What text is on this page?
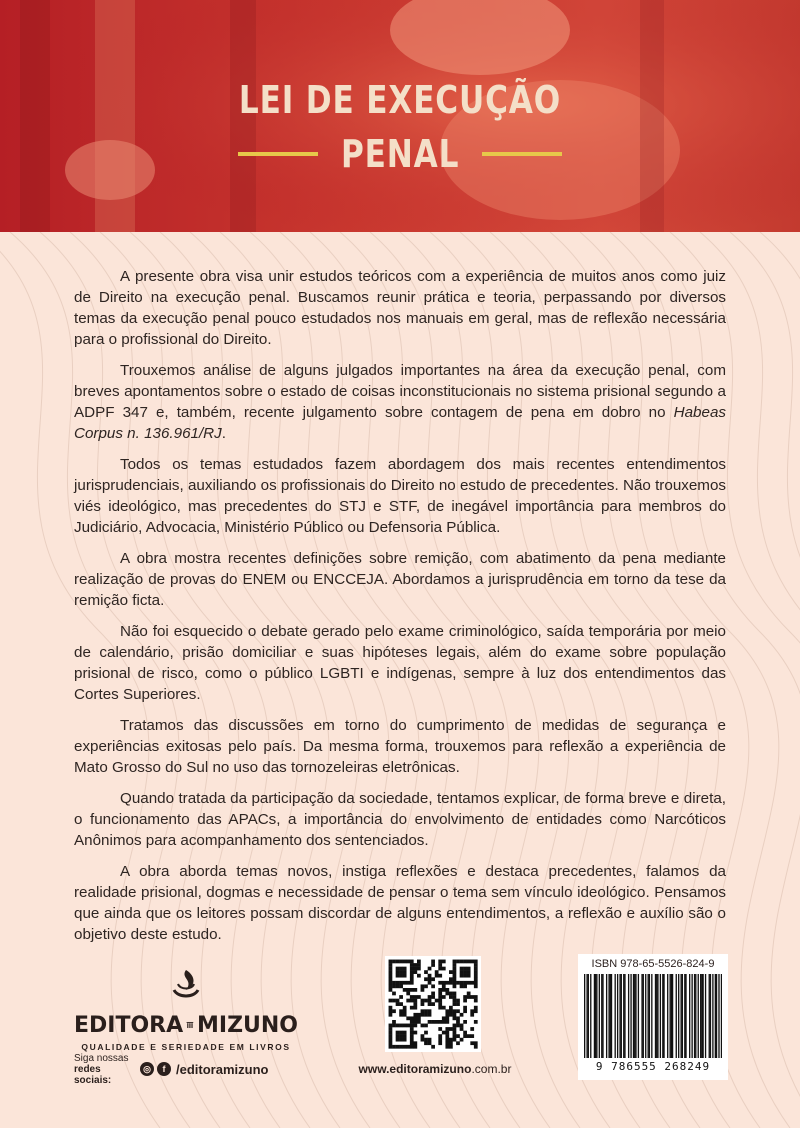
LEI DE EXECUÇÃO
PENAL

A presente obra visa unir estudos teóricos com a experiência de muitos anos como juiz de Direito na execução penal. Buscamos reunir prática e teoria, perpassando por diversos temas da execução penal pouco estudados nos manuais em geral, mas de reflexão necessária para o profissional do Direito.

Trouxemos análise de alguns julgados importantes na área da execução penal, com breves apontamentos sobre o estado de coisas inconstitucionais no sistema prisional segundo a ADPF 347 e, também, recente julgamento sobre contagem de pena em dobro no Habeas Corpus n. 136.961/RJ.

Todos os temas estudados fazem abordagem dos mais recentes entendimentos jurisprudenciais, auxiliando os profissionais do Direito no estudo de precedentes. Não trouxemos viés ideológico, mas precedentes do STJ e STF, de inegável importância para membros do Judiciário, Advocacia, Ministério Público ou Defensoria Pública.

A obra mostra recentes definições sobre remição, com abatimento da pena mediante realização de provas do ENEM ou ENCCEJA. Abordamos a jurisprudência em torno da tese da remição ficta.

Não foi esquecido o debate gerado pelo exame criminológico, saída temporária por meio de calendário, prisão domiciliar e suas hipóteses legais, além do exame sobre população prisional de risco, como o público LGBTI e indígenas, sempre à luz dos entendimentos das Cortes Superiores.

Tratamos das discussões em torno do cumprimento de medidas de segurança e experiências exitosas pelo país. Da mesma forma, trouxemos para reflexão a experiência de Mato Grosso do Sul no uso das tornozeleiras eletrônicas.

Quando tratada da participação da sociedade, tentamos explicar, de forma breve e direta, o funcionamento das APACs, a importância do envolvimento de entidades como Narcóticos Anônimos para acompanhamento dos sentenciados.

A obra aborda temas novos, instiga reflexões e destaca precedentes, falamos da realidade prisional, dogmas e necessidade de pensar o tema sem vínculo ideológico. Pensamos que ainda que os leitores possam discordar de alguns entendimentos, a reflexão e auxílio são o objetivo deste estudo.

EDITORA MIZUNO
QUALIDADE E SERIEDADE EM LIVROS
Siga nossas
redes sociais:
◎	f /editoramizuno	www.editoramizuno.com.br
ISBN 978-65-5526-824-9
9 786555 268249
